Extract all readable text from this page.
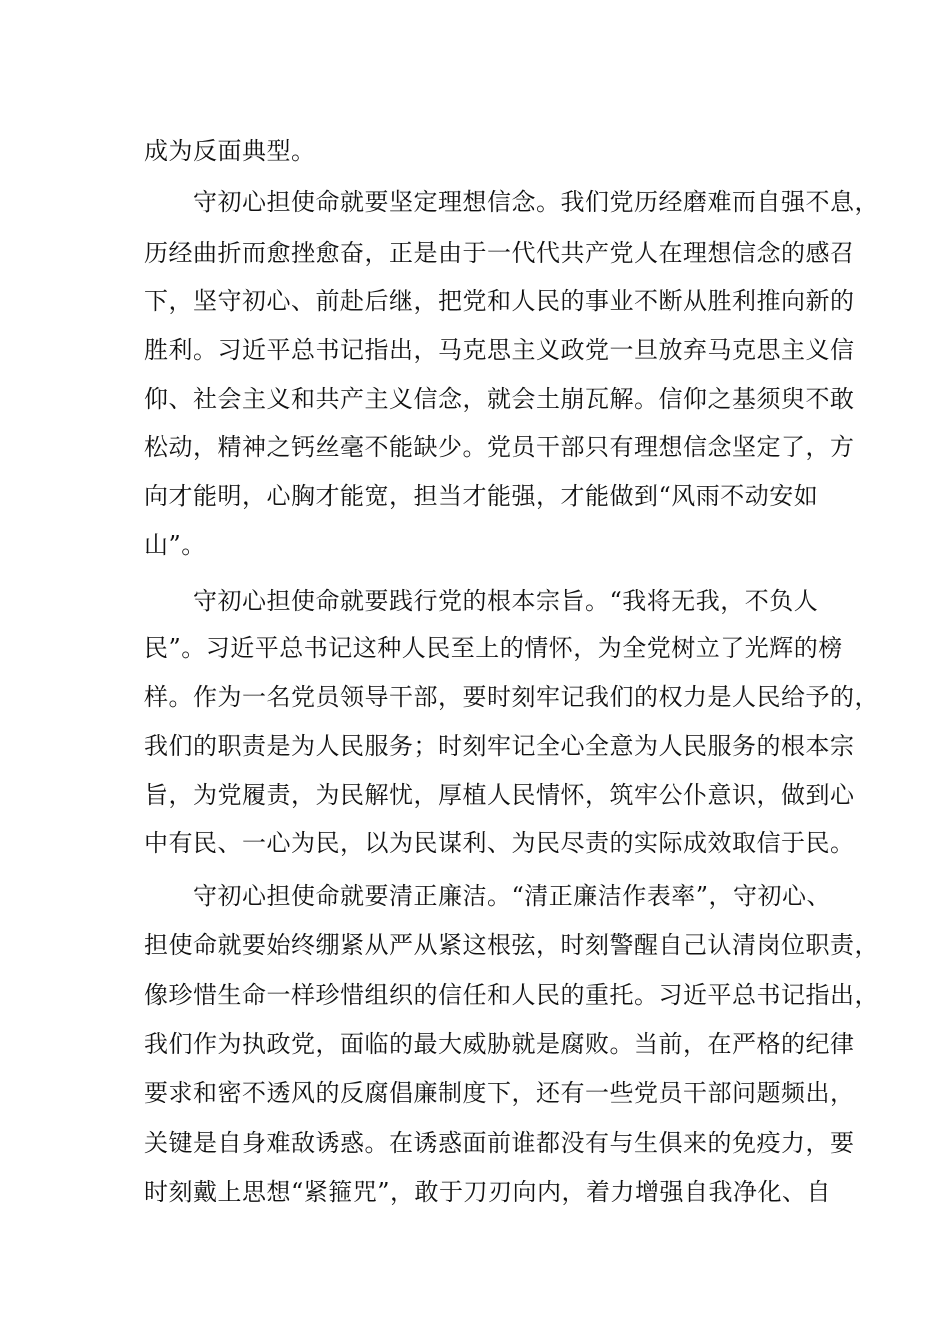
成为反面典型。
　　守初心担使命就要坚定理想信念。我们党历经磨难而自强不息，
历经曲折而愈挫愈奋，正是由于一代代共产党人在理想信念的感召
下，坚守初心、前赴后继，把党和人民的事业不断从胜利推向新的
胜利。习近平总书记指出，马克思主义政党一旦放弃马克思主义信
仰、社会主义和共产主义信念，就会土崩瓦解。信仰之基须臾不敢
松动，精神之钙丝毫不能缺少。党员干部只有理想信念坚定了，方
向才能明，心胸才能宽，担当才能强，才能做到“风雨不动安如
山”。
　　守初心担使命就要践行党的根本宗旨。“我将无我，不负人
民”。习近平总书记这种人民至上的情怀，为全党树立了光辉的榜
样。作为一名党员领导干部，要时刻牢记我们的权力是人民给予的，
我们的职责是为人民服务；时刻牢记全心全意为人民服务的根本宗
旨，为党履责，为民解忧，厚植人民情怀，筑牢公仆意识，做到心
中有民、一心为民，以为民谋利、为民尽责的实际成效取信于民。
　　守初心担使命就要清正廉洁。“清正廉洁作表率”，守初心、
担使命就要始终绷紧从严从紧这根弦，时刻警醒自己认清岗位职责，
像珍惜生命一样珍惜组织的信任和人民的重托。习近平总书记指出，
我们作为执政党，面临的最大威胁就是腐败。当前，在严格的纪律
要求和密不透风的反腐倡廉制度下，还有一些党员干部问题频出，
关键是自身难敌诱惑。在诱惑面前谁都没有与生俱来的免疫力，要
时刻戴上思想“紧箍咒”，敢于刀刃向内，着力增强自我净化、自
